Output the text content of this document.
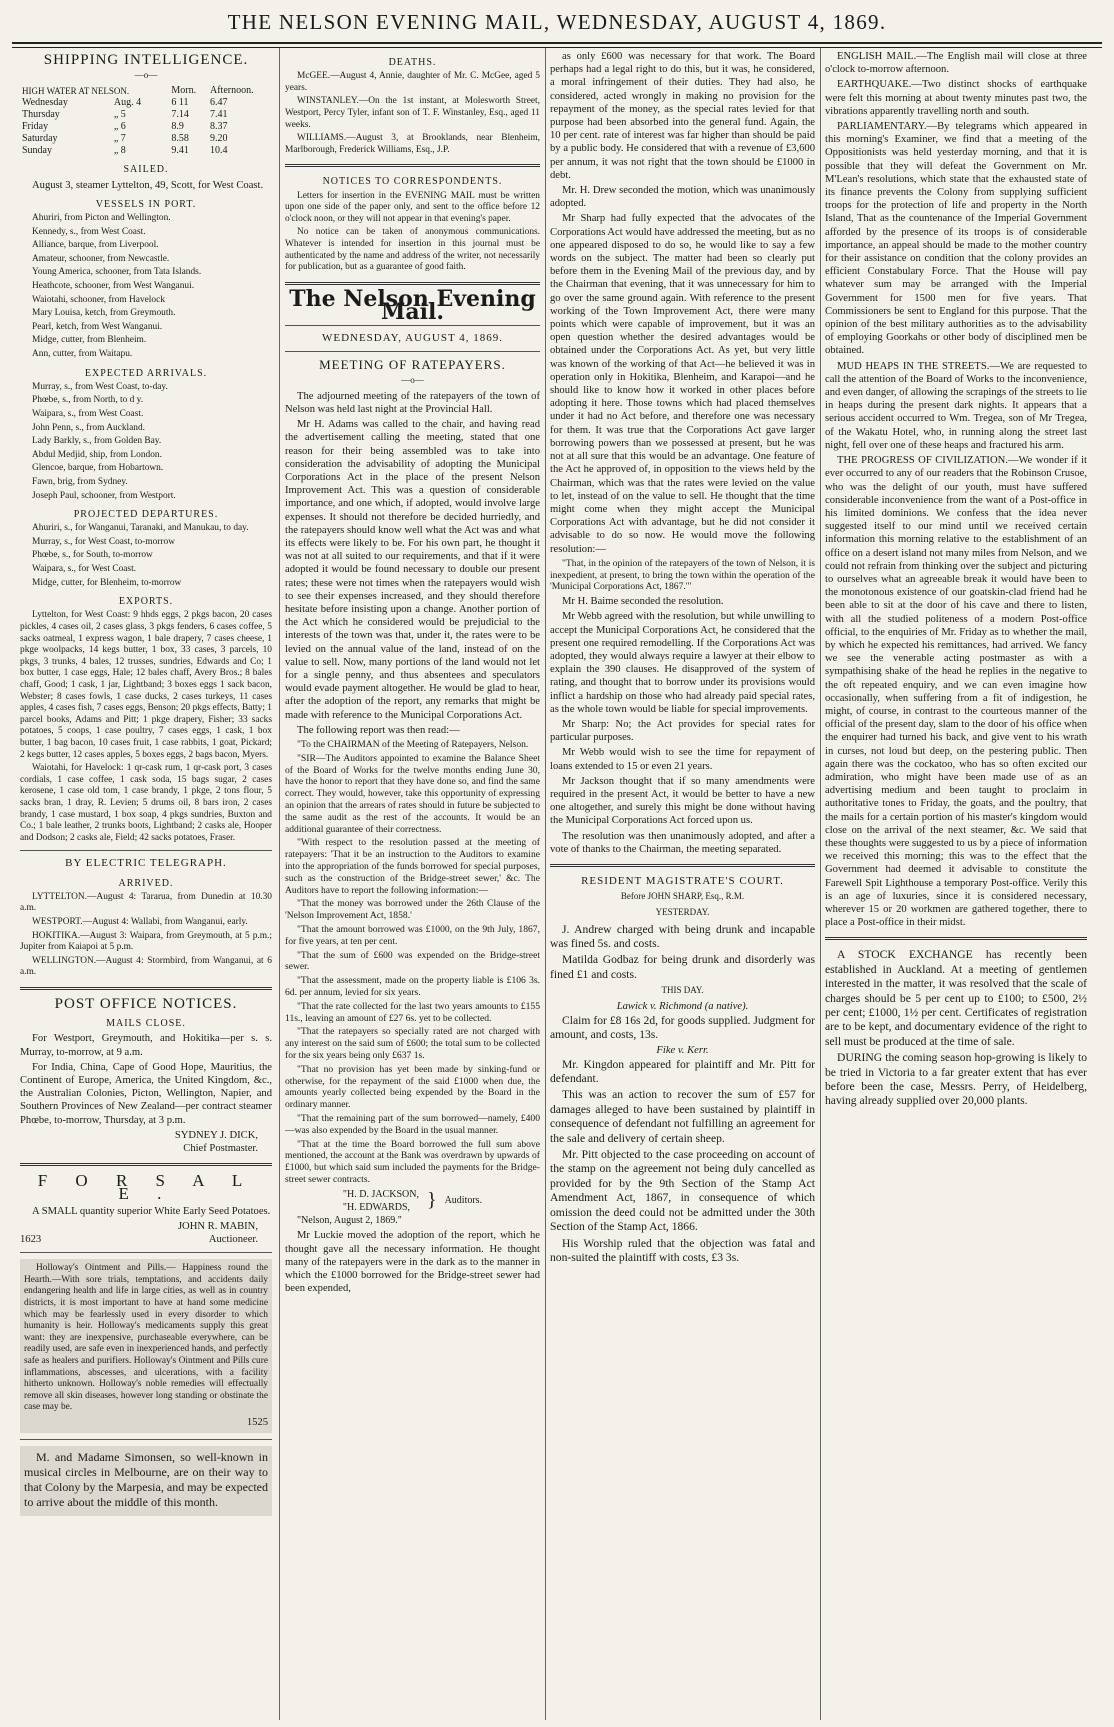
THE NELSON EVENING MAIL, WEDNESDAY, AUGUST 4, 1869.
SHIPPING INTELLIGENCE.
—o—
HIGH WATER AT NELSON.		Morn.	Afternoon.
Wednesday	Aug. 4	6 11	6.47
Thursday	„ 5	7.14	7.41
Friday	„ 6	8.9	8.37
Saturday	„ 7	8.58	9.20
Sunday	„ 8	9.41	10.4
SAILED.

August 3, steamer Lyttelton, 49, Scott, for West Coast.

VESSELS IN PORT.

Ahuriri, from Picton and Wellington.

Kennedy, s., from West Coast.

Alliance, barque, from Liverpool.

Amateur, schooner, from Newcastle.

Young America, schooner, from Tata Islands.

Heathcote, schooner, from West Wanganui.

Waiotahi, schooner, from Havelock

Mary Louisa, ketch, from Greymouth.

Pearl, ketch, from West Wanganui.

Midge, cutter, from Blenheim.

Ann, cutter, from Waitapu.

EXPECTED ARRIVALS.

Murray, s., from West Coast, to-day.

Phœbe, s., from North, to d y.

Waipara, s., from West Coast.

John Penn, s., from Auckland.

Lady Barkly, s., from Golden Bay.

Abdul Medjid, ship, from London.

Glencoe, barque, from Hobartown.

Fawn, brig, from Sydney.

Joseph Paul, schooner, from Westport.

PROJECTED DEPARTURES.

Ahuriri, s., for Wanganui, Taranaki, and Manukau, to day.

Murray, s., for West Coast, to-morrow

Phœbe, s., for South, to-morrow

Waipara, s., for West Coast.

Midge, cutter, for Blenheim, to-morrow

EXPORTS.

Lyttelton, for West Coast: 9 hhds eggs, 2 pkgs bacon, 20 cases pickles, 4 cases oil, 2 cases glass, 3 pkgs fenders, 6 cases coffee, 5 sacks oatmeal, 1 express wagon, 1 bale drapery, 7 cases cheese, 1 pkge woolpacks, 14 kegs butter, 1 box, 33 cases, 3 parcels, 10 pkgs, 3 trunks, 4 bales, 12 trusses, sundries, Edwards and Co; 1 box butter, 1 case eggs, Hale; 12 bales chaff, Avery Bros.; 8 bales chaff, Good; 1 cask, 1 jar, Lightband; 3 boxes eggs 1 sack bacon, Webster; 8 cases fowls, 1 case ducks, 2 cases turkeys, 11 cases apples, 4 cases fish, 7 cases eggs, Benson; 20 pkgs effects, Batty; 1 parcel books, Adams and Pitt; 1 pkge drapery, Fisher; 33 sacks potatoes, 5 coops, 1 case poultry, 7 cases eggs, 1 cask, 1 box butter, 1 bag bacon, 10 cases fruit, 1 case rabbits, 1 goat, Pickard; 2 kegs butter, 12 cases apples, 5 boxes eggs, 2 bags bacon, Myers.

Waiotahi, for Havelock: 1 qr-cask rum, 1 qr-cask port, 3 cases cordials, 1 case coffee, 1 cask soda, 15 bags sugar, 2 cases kerosene, 1 case old tom, 1 case brandy, 1 pkge, 2 tons flour, 5 sacks bran, 1 dray, R. Levien; 5 drums oil, 8 bars iron, 2 cases brandy, 1 case mustard, 1 box soap, 4 pkgs sundries, Buxton and Co.; 1 bale leather, 2 trunks boots, Lightband; 2 casks ale, Hooper and Dodson; 2 casks ale, Field; 42 sacks potatoes, Fraser.

BY ELECTRIC TELEGRAPH.
ARRIVED.

LYTTELTON.—August 4: Tararua, from Dunedin at 10.30 a.m.

WESTPORT.—August 4: Wallabi, from Wanganui, early.

HOKITIKA.—August 3: Waipara, from Greymouth, at 5 p.m.; Jupiter from Kaiapoi at 5 p.m.

WELLINGTON.—August 4: Stormbird, from Wanganui, at 6 a.m.

POST OFFICE NOTICES.
MAILS CLOSE.

For Westport, Greymouth, and Hokitika—per s. s. Murray, to-morrow, at 9 a.m.

For India, China, Cape of Good Hope, Mauritius, the Continent of Europe, America, the United Kingdom, &c., the Australian Colonies, Picton, Wellington, Napier, and Southern Provinces of New Zealand—per contract steamer Phœbe, to-morrow, Thursday, at 3 p.m.

SYDNEY J. DICK,
Chief Postmaster.
F O R S A L E .

A SMALL quantity superior White Early Seed Potatoes.

JOHN R. MABIN,
1623	Auctioneer.

Holloway's Ointment and Pills.— Happiness round the Hearth.—With sore trials, temptations, and accidents daily endangering health and life in large cities, as well as in country districts, it is most important to have at hand some medicine which may be fearlessly used in every disorder to which humanity is heir. Holloway's medicaments supply this great want: they are inexpensive, purchaseable everywhere, can be readily used, are safe even in inexperienced hands, and perfectly safe as healers and purifiers. Holloway's Ointment and Pills cure inflammations, abscesses, and ulcerations, with a facility hitherto unknown. Holloway's noble remedies will effectually remove all skin diseases, however long standing or obstinate the case may be.

1525

M. and Madame Simonsen, so well-known in musical circles in Melbourne, are on their way to that Colony by the Marpesia, and may be expected to arrive about the middle of this month.

DEATHS.

McGEE.—August 4, Annie, daughter of Mr. C. McGee, aged 5 years.

WINSTANLEY.—On the 1st instant, at Molesworth Street, Westport, Percy Tyler, infant son of T. F. Winstanley, Esq., aged 11 weeks.

WILLIAMS.—August 3, at Brooklands, near Blenheim, Marlborough, Frederick Williams, Esq., J.P.

NOTICES TO CORRESPONDENTS.

Letters for insertion in the EVENING MAIL must be written upon one side of the paper only, and sent to the office before 12 o'clock noon, or they will not appear in that evening's paper.

No notice can be taken of anonymous communications. Whatever is intended for insertion in this journal must be authenticated by the name and address of the writer, not necessarily for publication, but as a guarantee of good faith.

The Nelson Evening Mail.
WEDNESDAY, AUGUST 4, 1869.
MEETING OF RATEPAYERS.
—o—

The adjourned meeting of the ratepayers of the town of Nelson was held last night at the Provincial Hall.

Mr H. Adams was called to the chair, and having read the advertisement calling the meeting, stated that one reason for their being assembled was to take into consideration the advisability of adopting the Municipal Corporations Act in the place of the present Nelson Improvement Act. This was a question of considerable importance, and one which, if adopted, would involve large expenses. It should not therefore be decided hurriedly, and the ratepayers should know well what the Act was and what its effects were likely to be. For his own part, he thought it was not at all suited to our requirements, and that if it were adopted it would be found necessary to double our present rates; these were not times when the ratepayers would wish to see their expenses increased, and they should therefore hesitate before insisting upon a change. Another portion of the Act which he considered would be prejudicial to the interests of the town was that, under it, the rates were to be levied on the annual value of the land, instead of on the value to sell. Now, many portions of the land would not let for a single penny, and thus absentees and speculators would evade payment altogether. He would be glad to hear, after the adoption of the report, any remarks that might be made with reference to the Municipal Corporations Act.

The following report was then read:—

"To the CHAIRMAN of the Meeting of Ratepayers, Nelson.

"SIR—The Auditors appointed to examine the Balance Sheet of the Board of Works for the twelve months ending June 30, have the honor to report that they have done so, and find the same correct. They would, however, take this opportunity of expressing an opinion that the arrears of rates should in future be subjected to the same audit as the rest of the accounts. It would be an additional guarantee of their correctness.

"With respect to the resolution passed at the meeting of ratepayers: 'That it be an instruction to the Auditors to examine into the appropriation of the funds borrowed for special purposes, such as the construction of the Bridge-street sewer,' &c. The Auditors have to report the following information:—

"That the money was borrowed under the 26th Clause of the 'Nelson Improvement Act, 1858.'

"That the amount borrowed was £1000, on the 9th July, 1867, for five years, at ten per cent.

"That the sum of £600 was expended on the Bridge-street sewer.

"That the assessment, made on the property liable is £106 3s. 6d. per annum, levied for six years.

"That the rate collected for the last two years amounts to £155 11s., leaving an amount of £27 6s. yet to be collected.

"That the ratepayers so specially rated are not charged with any interest on the said sum of £600; the total sum to be collected for the six years being only £637 1s.

"That no provision has yet been made by sinking-fund or otherwise, for the repayment of the said £1000 when due, the amounts yearly collected being expended by the Board in the ordinary manner.

"That the remaining part of the sum borrowed—namely, £400—was also expended by the Board in the usual manner.

"That at the time the Board borrowed the full sum above mentioned, the account at the Bank was overdrawn by upwards of £1000, but which said sum included the payments for the Bridge-street sewer contracts.

"H. D. JACKSON,
"H. EDWARDS, } Auditors.

"Nelson, August 2, 1869."

Mr Luckie moved the adoption of the report, which he thought gave all the necessary information. He thought many of the ratepayers were in the dark as to the manner in which the £1000 borrowed for the Bridge-street sewer had been expended,

as only £600 was necessary for that work. The Board perhaps had a legal right to do this, but it was, he considered, a moral infringement of their duties. They had also, he considered, acted wrongly in making no provision for the repayment of the money, as the special rates levied for that purpose had been absorbed into the general fund. Again, the 10 per cent. rate of interest was far higher than should be paid by a public body. He considered that with a revenue of £3,600 per annum, it was not right that the town should be £1000 in debt.

Mr. H. Drew seconded the motion, which was unanimously adopted.

Mr Sharp had fully expected that the advocates of the Corporations Act would have addressed the meeting, but as no one appeared disposed to do so, he would like to say a few words on the subject. The matter had been so clearly put before them in the Evening Mail of the previous day, and by the Chairman that evening, that it was unnecessary for him to go over the same ground again. With reference to the present working of the Town Improvement Act, there were many points which were capable of improvement, but it was an open question whether the desired advantages would be obtained under the Corporations Act. As yet, but very little was known of the working of that Act—he believed it was in operation only in Hokitika, Blenheim, and Karapoi—and he should like to know how it worked in other places before adopting it here. Those towns which had placed themselves under it had no Act before, and therefore one was necessary for them. It was true that the Corporations Act gave larger borrowing powers than we possessed at present, but he was not at all sure that this would be an advantage. One feature of the Act he approved of, in opposition to the views held by the Chairman, which was that the rates were levied on the value to let, instead of on the value to sell. He thought that the time might come when they might accept the Municipal Corporations Act with advantage, but he did not consider it advisable to do so now. He would move the following resolution:—

"That, in the opinion of the ratepayers of the town of Nelson, it is inexpedient, at present, to bring the town within the operation of the 'Municipal Corporations Act, 1867.'"

Mr H. Baime seconded the resolution.

Mr Webb agreed with the resolution, but while unwilling to accept the Municipal Corporations Act, he considered that the present one required remodelling. If the Corporations Act was adopted, they would always require a lawyer at their elbow to explain the 390 clauses. He disapproved of the system of rating, and thought that to borrow under its provisions would inflict a hardship on those who had already paid special rates, as the whole town would be liable for special improvements.

Mr Sharp: No; the Act provides for special rates for particular purposes.

Mr Webb would wish to see the time for repayment of loans extended to 15 or even 21 years.

Mr Jackson thought that if so many amendments were required in the present Act, it would be better to have a new one altogether, and surely this might be done without having the Municipal Corporations Act forced upon us.

The resolution was then unanimously adopted, and after a vote of thanks to the Chairman, the meeting separated.

RESIDENT MAGISTRATE'S COURT.
Before JOHN SHARP, Esq., R.M.
YESTERDAY.

J. Andrew charged with being drunk and incapable was fined 5s. and costs.

Matilda Godbaz for being drunk and disorderly was fined £1 and costs.

THIS DAY.
Lawick v. Richmond (a native).

Claim for £8 16s 2d, for goods supplied. Judgment for amount, and costs, 13s.

Fike v. Kerr.

Mr. Kingdon appeared for plaintiff and Mr. Pitt for defendant.

This was an action to recover the sum of £57 for damages alleged to have been sustained by plaintiff in consequence of defendant not fulfilling an agreement for the sale and delivery of certain sheep.

Mr. Pitt objected to the case proceeding on account of the stamp on the agreement not being duly cancelled as provided for by the 9th Section of the Stamp Act Amendment Act, 1867, in consequence of which omission the deed could not be admitted under the 30th Section of the Stamp Act, 1866.

His Worship ruled that the objection was fatal and non-suited the plaintiff with costs, £3 3s.

ENGLISH MAIL.—The English mail will close at three o'clock to-morrow afternoon.

EARTHQUAKE.—Two distinct shocks of earthquake were felt this morning at about twenty minutes past two, the vibrations apparently travelling north and south.

PARLIAMENTARY.—By telegrams which appeared in this morning's Examiner, we find that a meeting of the Oppositionists was held yesterday morning, and that it is possible that they will defeat the Government on Mr. M'Lean's resolutions, which state that the exhausted state of its finance prevents the Colony from supplying sufficient troops for the protection of life and property in the North Island, That as the countenance of the Imperial Government afforded by the presence of its troops is of considerable importance, an appeal should be made to the mother country for their assistance on condition that the colony provides an efficient Constabulary Force. That the House will pay whatever sum may be arranged with the Imperial Government for 1500 men for five years. That Commissioners be sent to England for this purpose. That the opinion of the best military authorities as to the advisability of employing Goorkahs or other body of disciplined men be obtained.

MUD HEAPS IN THE STREETS.—We are requested to call the attention of the Board of Works to the inconvenience, and even danger, of allowing the scrapings of the streets to lie in heaps during the present dark nights. It appears that a serious accident occurred to Wm. Tregea, son of Mr Tregea, of the Wakatu Hotel, who, in running along the street last night, fell over one of these heaps and fractured his arm.

THE PROGRESS OF CIVILIZATION.—We wonder if it ever occurred to any of our readers that the Robinson Crusoe, who was the delight of our youth, must have suffered considerable inconvenience from the want of a Post-office in his limited dominions. We confess that the idea never suggested itself to our mind until we received certain information this morning relative to the establishment of an office on a desert island not many miles from Nelson, and we could not refrain from thinking over the subject and picturing to ourselves what an agreeable break it would have been to the monotonous existence of our goatskin-clad friend had he been able to sit at the door of his cave and there to listen, with all the studied politeness of a modern Post-office official, to the enquiries of Mr. Friday as to whether the mail, by which he expected his remittances, had arrived. We fancy we see the venerable acting postmaster as with a sympathising shake of the head he replies in the negative to the oft repeated enquiry, and we can even imagine how occasionally, when suffering from a fit of indigestion, he might, of course, in contrast to the courteous manner of the official of the present day, slam to the door of his office when the enquirer had turned his back, and give vent to his wrath in curses, not loud but deep, on the pestering public. Then again there was the cockatoo, who has so often excited our admiration, who might have been made use of as an advertising medium and been taught to proclaim in authoritative tones to Friday, the goats, and the poultry, that the mails for a certain portion of his master's kingdom would close on the arrival of the next steamer, &c. We said that these thoughts were suggested to us by a piece of information we received this morning; this was to the effect that the Government had deemed it advisable to constitute the Farewell Spit Lighthouse a temporary Post-office. Verily this is an age of luxuries, since it is considered necessary, wherever 15 or 20 workmen are gathered together, there to place a Post-office in their midst.

A STOCK EXCHANGE has recently been established in Auckland. At a meeting of gentlemen interested in the matter, it was resolved that the scale of charges should be 5 per cent up to £100; to £500, 2½ per cent; £1000, 1½ per cent. Certificates of registration are to be kept, and documentary evidence of the right to sell must be produced at the time of sale.

DURING the coming season hop-growing is likely to be tried in Victoria to a far greater extent that has ever before been the case, Messrs. Perry, of Heidelberg, having already supplied over 20,000 plants.
